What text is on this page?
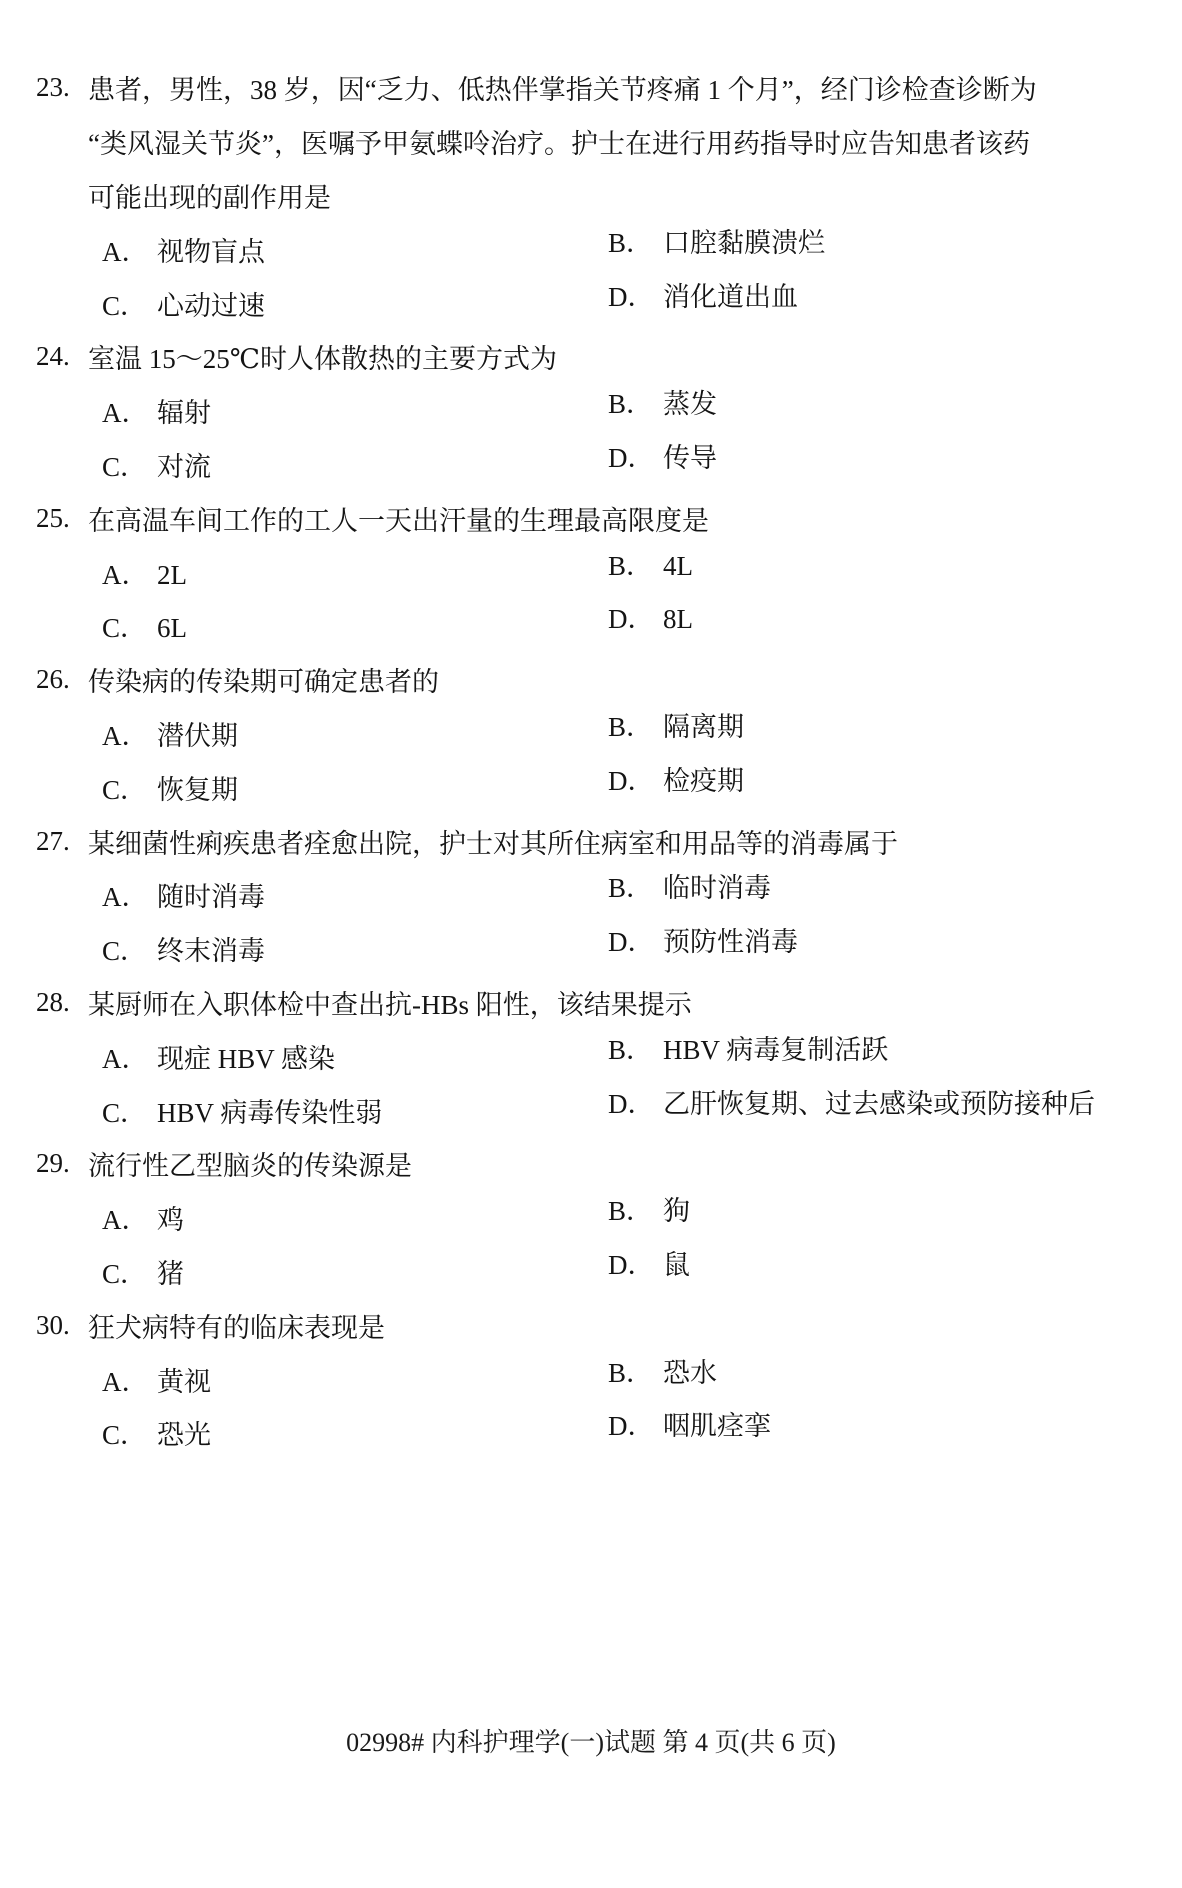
23. 患者，男性，38 岁，因“乏力、低热伴掌指关节疼痛 1 个月”，经门诊检查诊断为
“类风湿关节炎”，医嘱予甲氨蝶呤治疗。护士在进行用药指导时应告知患者该药
可能出现的副作用是
A． 视物盲点	B． 口腔黏膜溃烂
C． 心动过速	D． 消化道出血
24. 室温 15～25℃时人体散热的主要方式为
A． 辐射	B． 蒸发
C． 对流	D． 传导
25. 在高温车间工作的工人一天出汗量的生理最高限度是
A． 2L	B． 4L
C． 6L	D． 8L
26. 传染病的传染期可确定患者的
A． 潜伏期	B． 隔离期
C． 恢复期	D． 检疫期
27. 某细菌性痢疾患者痊愈出院，护士对其所住病室和用品等的消毒属于
A． 随时消毒	B． 临时消毒
C． 终末消毒	D． 预防性消毒
28. 某厨师在入职体检中查出抗-HBs 阳性，该结果提示
A． 现症 HBV 感染	B． HBV 病毒复制活跃
C． HBV 病毒传染性弱	D． 乙肝恢复期、过去感染或预防接种后
29. 流行性乙型脑炎的传染源是
A． 鸡	B． 狗
C． 猪	D． 鼠
30. 狂犬病特有的临床表现是
A． 黄视	B． 恐水
C． 恐光	D． 咽肌痉挛
02998# 内科护理学(一)试题 第 4 页(共 6 页)
